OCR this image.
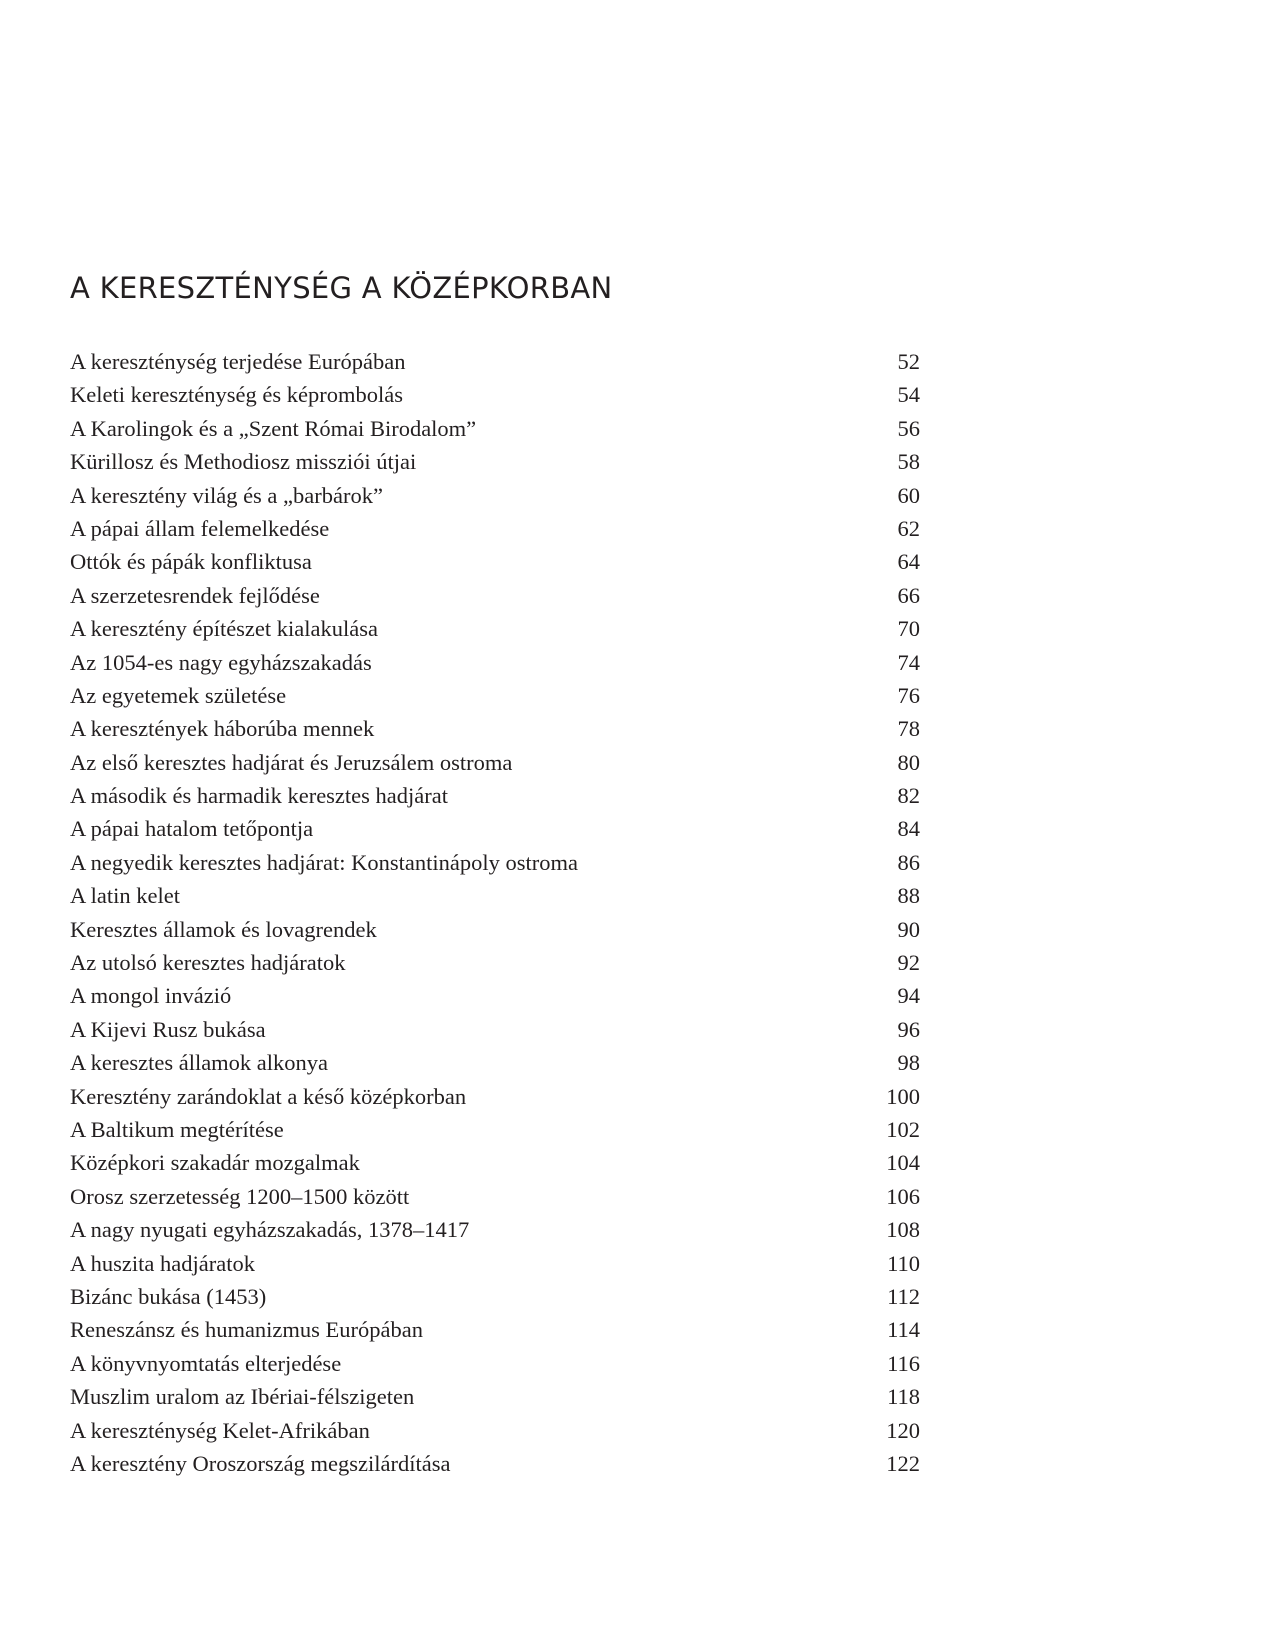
A KERESZTÉNYSÉG A KÖZÉPKORBAN
A kereszténység terjedése Európában	52
Keleti kereszténység és képrombolás	54
A Karolingok és a „Szent Római Birodalom”	56
Kürillosz és Methodiosz missziói útjai	58
A keresztény világ és a „barbárok”	60
A pápai állam felemelkedése	62
Ottók és pápák konfliktusa	64
A szerzetesrendek fejlődése	66
A keresztény építészet kialakulása	70
Az 1054-es nagy egyházszakadás	74
Az egyetemek születése	76
A keresztények háborúba mennek	78
Az első keresztes hadjárat és Jeruzsálem ostroma	80
A második és harmadik keresztes hadjárat	82
A pápai hatalom tetőpontja	84
A negyedik keresztes hadjárat: Konstantinápoly ostroma	86
A latin kelet	88
Keresztes államok és lovagrendek	90
Az utolsó keresztes hadjáratok	92
A mongol invázió	94
A Kijevi Rusz bukása	96
A keresztes államok alkonya	98
Keresztény zarándoklat a késő középkorban	100
A Baltikum megtérítése	102
Középkori szakadár mozgalmak	104
Orosz szerzetesség 1200–1500 között	106
A nagy nyugati egyházszakadás, 1378–1417	108
A huszita hadjáratok	110
Bizánc bukása (1453)	112
Reneszánsz és humanizmus Európában	114
A könyvnyomtatás elterjedése	116
Muszlim uralom az Ibériai-félszigeten	118
A kereszténység Kelet-Afrikában	120
A keresztény Oroszország megszilárdítása	122
